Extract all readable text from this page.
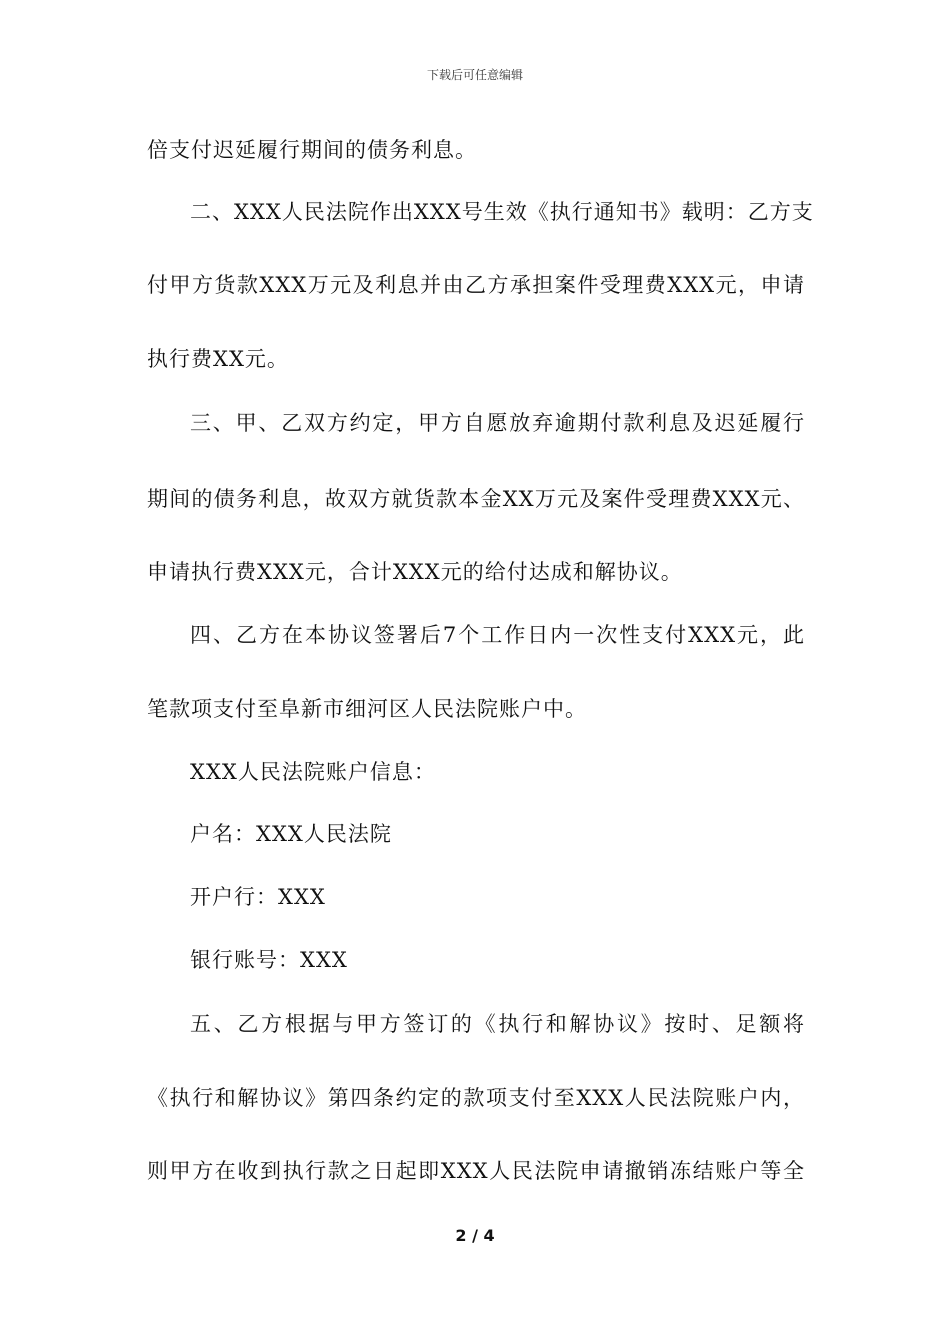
下载后可任意编辑
倍支付迟延履行期间的债务利息。
二、XXX人民法院作出XXX号生效《执行通知书》载明：乙方支
付甲方货款XXX万元及利息并由乙方承担案件受理费XXX元，申请
执行费XX元。
三、甲、乙双方约定，甲方自愿放弃逾期付款利息及迟延履行
期间的债务利息，故双方就货款本金XX万元及案件受理费XXX元、
申请执行费XXX元，合计XXX元的给付达成和解协议。
四、乙方在本协议签署后7个工作日内一次性支付XXX元，此
笔款项支付至阜新市细河区人民法院账户中。
XXX人民法院账户信息：
户名：XXX人民法院
开户行：XXX
银行账号：XXX
五、乙方根据与甲方签订的《执行和解协议》按时、足额将
《执行和解协议》第四条约定的款项支付至XXX人民法院账户内，
则甲方在收到执行款之日起即XXX人民法院申请撤销冻结账户等全
2 / 4
